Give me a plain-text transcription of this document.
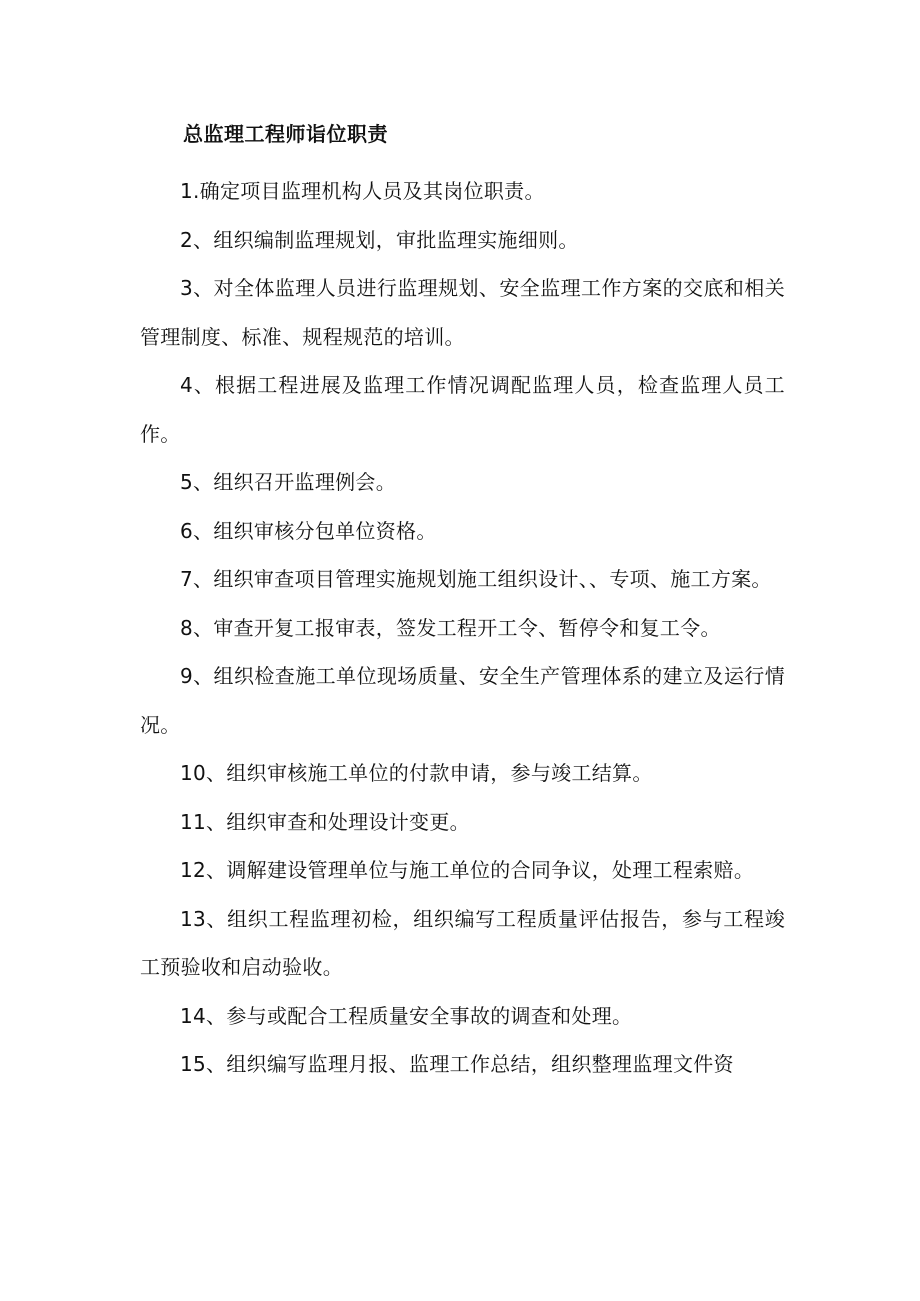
总监理工程师诣位职责

1.确定项目监理机构人员及其岗位职责。

2、组织编制监理规划，审批监理实施细则。

3、对全体监理人员进行监理规划、安全监理工作方案的交底和相关管理制度、标准、规程规范的培训。

4、根据工程进展及监理工作情况调配监理人员，检查监理人员工作。

5、组织召开监理例会。

6、组织审核分包单位资格。

7、组织审查项目管理实施规划施工组织设计、、专项、施工方案。

8、审查开复工报审表，签发工程开工令、暂停令和复工令。

9、组织检查施工单位现场质量、安全生产管理体系的建立及运行情况。

10、组织审核施工单位的付款申请，参与竣工结算。

11、组织审查和处理设计变更。

12、调解建设管理单位与施工单位的合同争议，处理工程索赔。

13、组织工程监理初检，组织编写工程质量评估报告，参与工程竣工预验收和启动验收。

14、参与或配合工程质量安全事故的调查和处理。

15、组织编写监理月报、监理工作总结，组织整理监理文件资
